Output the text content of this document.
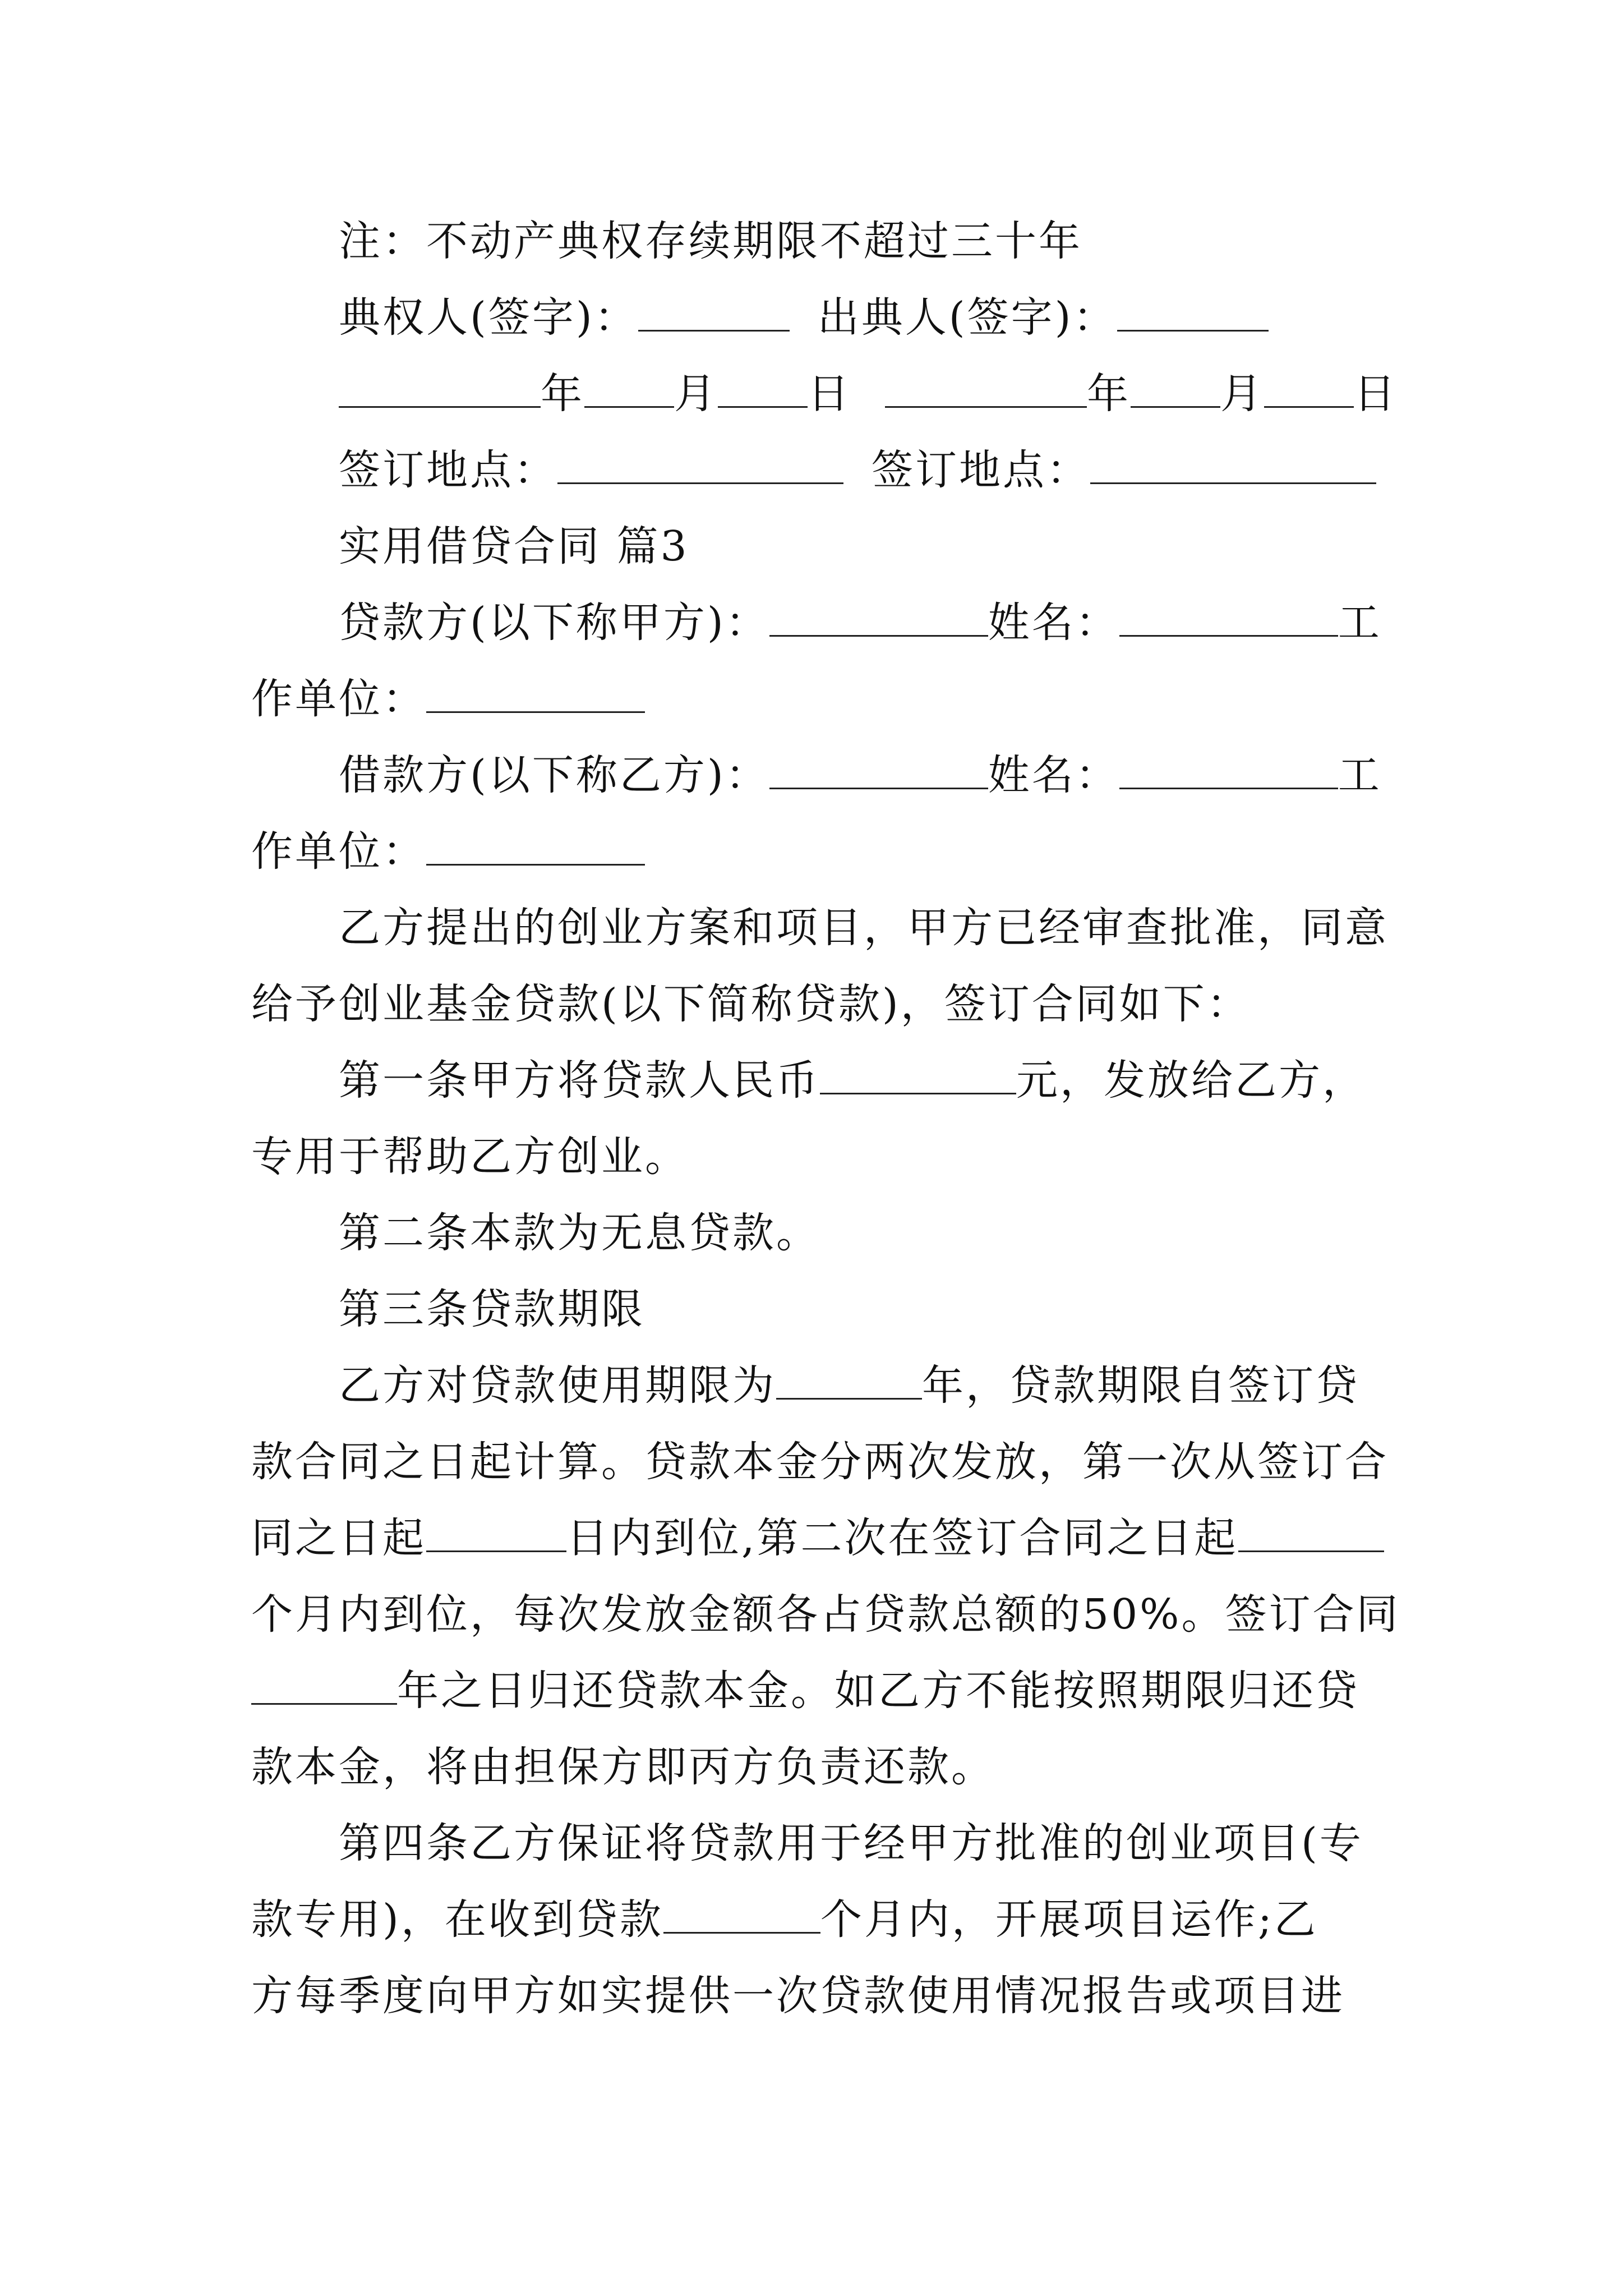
注：不动产典权存续期限不超过三十年
典权人(签字)：	出典人(签字)：
年 月 日	年 月 日
签订地点：	签订地点：
实用借贷合同 篇3
贷款方(以下称甲方)：	姓名：	工
作单位：
借款方(以下称乙方)：	姓名：	工
作单位：
乙方提出的创业方案和项目，甲方已经审查批准，同意
给予创业基金贷款(以下简称贷款)，签订合同如下：
第一条甲方将贷款人民币	元，发放给乙方，
专用于帮助乙方创业。
第二条本款为无息贷款。
第三条贷款期限
乙方对贷款使用期限为	年，贷款期限自签订贷
款合同之日起计算。贷款本金分两次发放，第一次从签订合
同之日起	日内到位,第二次在签订合同之日起
个月内到位，每次发放金额各占贷款总额的50%。签订合同
年之日归还贷款本金。如乙方不能按照期限归还贷
款本金，将由担保方即丙方负责还款。
第四条乙方保证将贷款用于经甲方批准的创业项目(专
款专用)，在收到贷款	个月内，开展项目运作;乙
方每季度向甲方如实提供一次贷款使用情况报告或项目进
